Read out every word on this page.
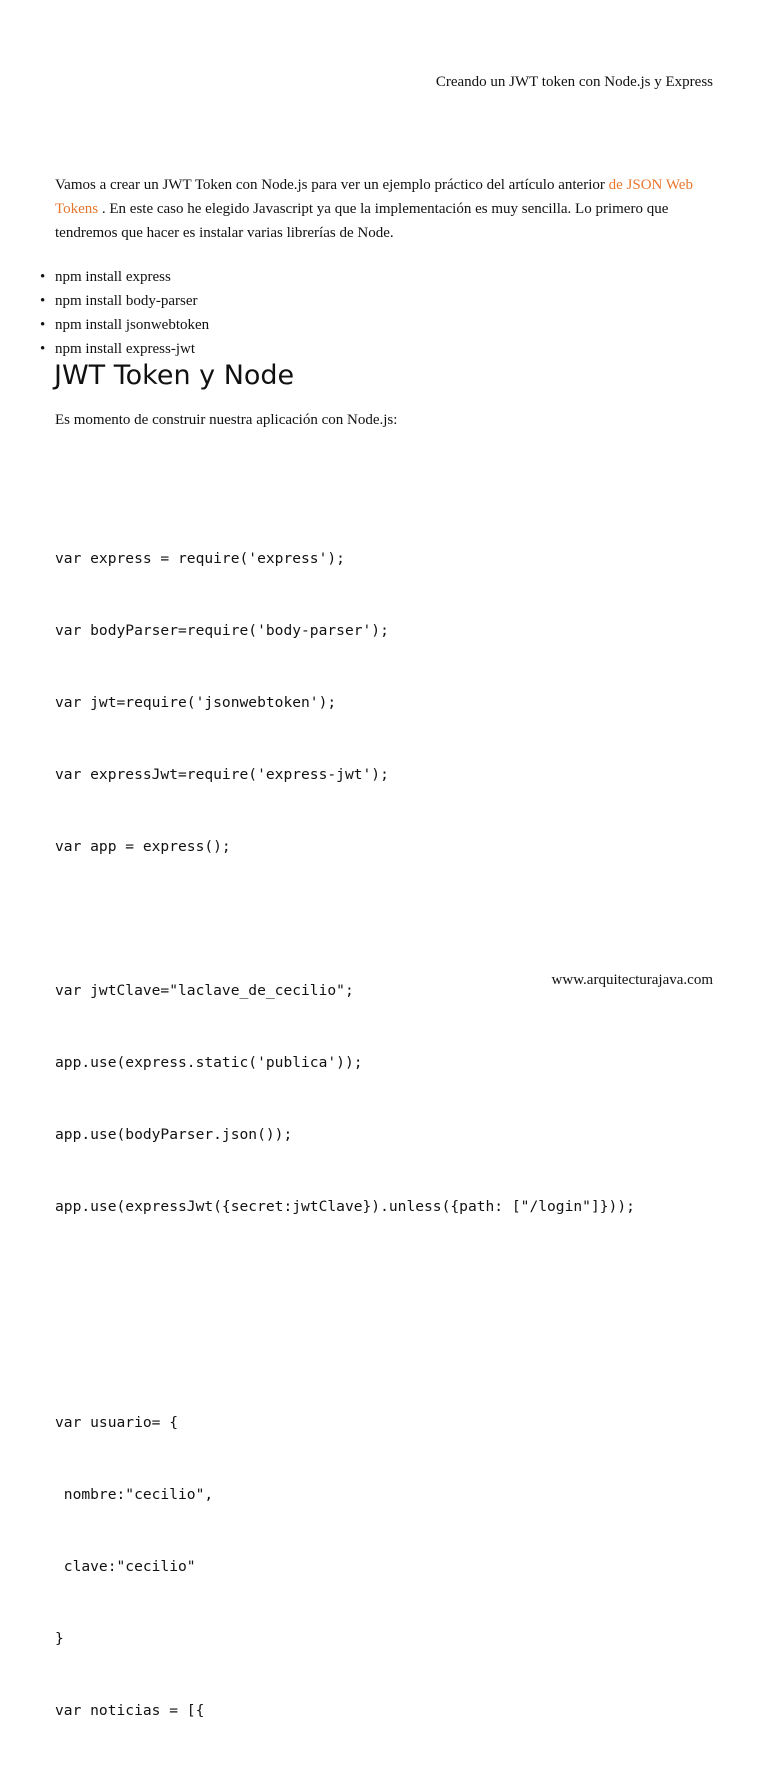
Creando un JWT token con Node.js y Express

Vamos a crear un JWT Token con Node.js para ver un ejemplo práctico del artículo anterior de JSON Web Tokens . En este caso he elegido Javascript ya que la implementación es muy sencilla. Lo primero que tendremos que hacer es instalar varias librerías de Node.

• npm install express
• npm install body-parser
• npm install jsonwebtoken
• npm install express-jwt
JWT Token y Node

Es momento de construir nuestra aplicación con Node.js:

var express = require('express');

var bodyParser=require('body-parser');

var jwt=require('jsonwebtoken');

var expressJwt=require('express-jwt');

var app = express();

var jwtClave="laclave_de_cecilio";

app.use(express.static('publica'));

app.use(bodyParser.json());

app.use(expressJwt({secret:jwtClave}).unless({path: ["/login"]}));

var usuario= {

nombre:"cecilio",

clave:"cecilio"

}

var noticias = [{

www.arquitecturajava.com
